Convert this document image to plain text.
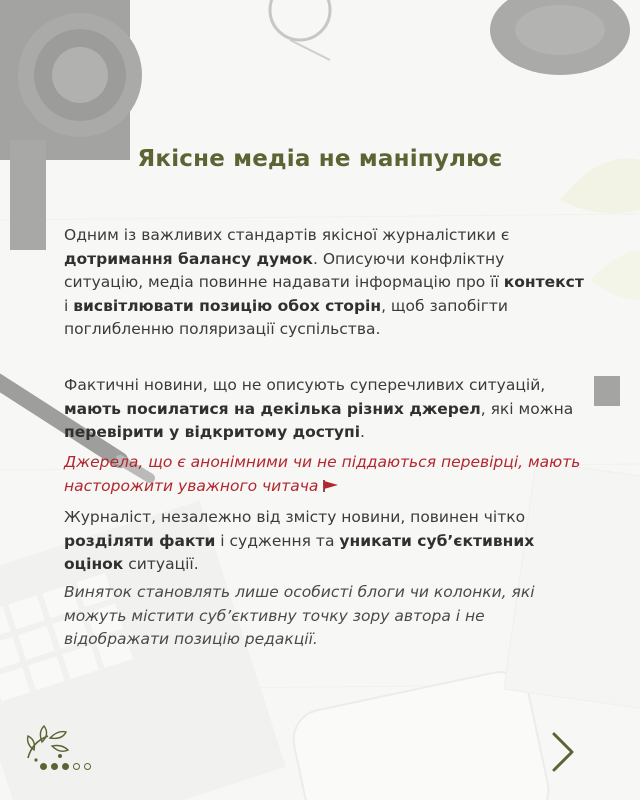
Якісне медіа не маніпулює
Одним із важливих стандартів якісної журналістики є дотримання балансу думок. Описуючи конфліктну ситуацію, медіа повинне надавати інформацію про її контекст і висвітлювати позицію обох сторін, щоб запобігти поглибленню поляризації суспільства.
Фактичні новини, що не описують суперечливих ситуацій, мають посилатися на декілька різних джерел, які можна перевірити у відкритому доступі.
Джерела, що є анонімними чи не піддаються перевірці, мають насторожити уважного читача
Журналіст, незалежно від змісту новини, повинен чітко розділяти факти і судження та уникати суб’єктивних оцінок ситуації.
Виняток становлять лише особисті блоги чи колонки, які можуть містити суб’єктивну точку зору автора і не відображати позицію редакції.
